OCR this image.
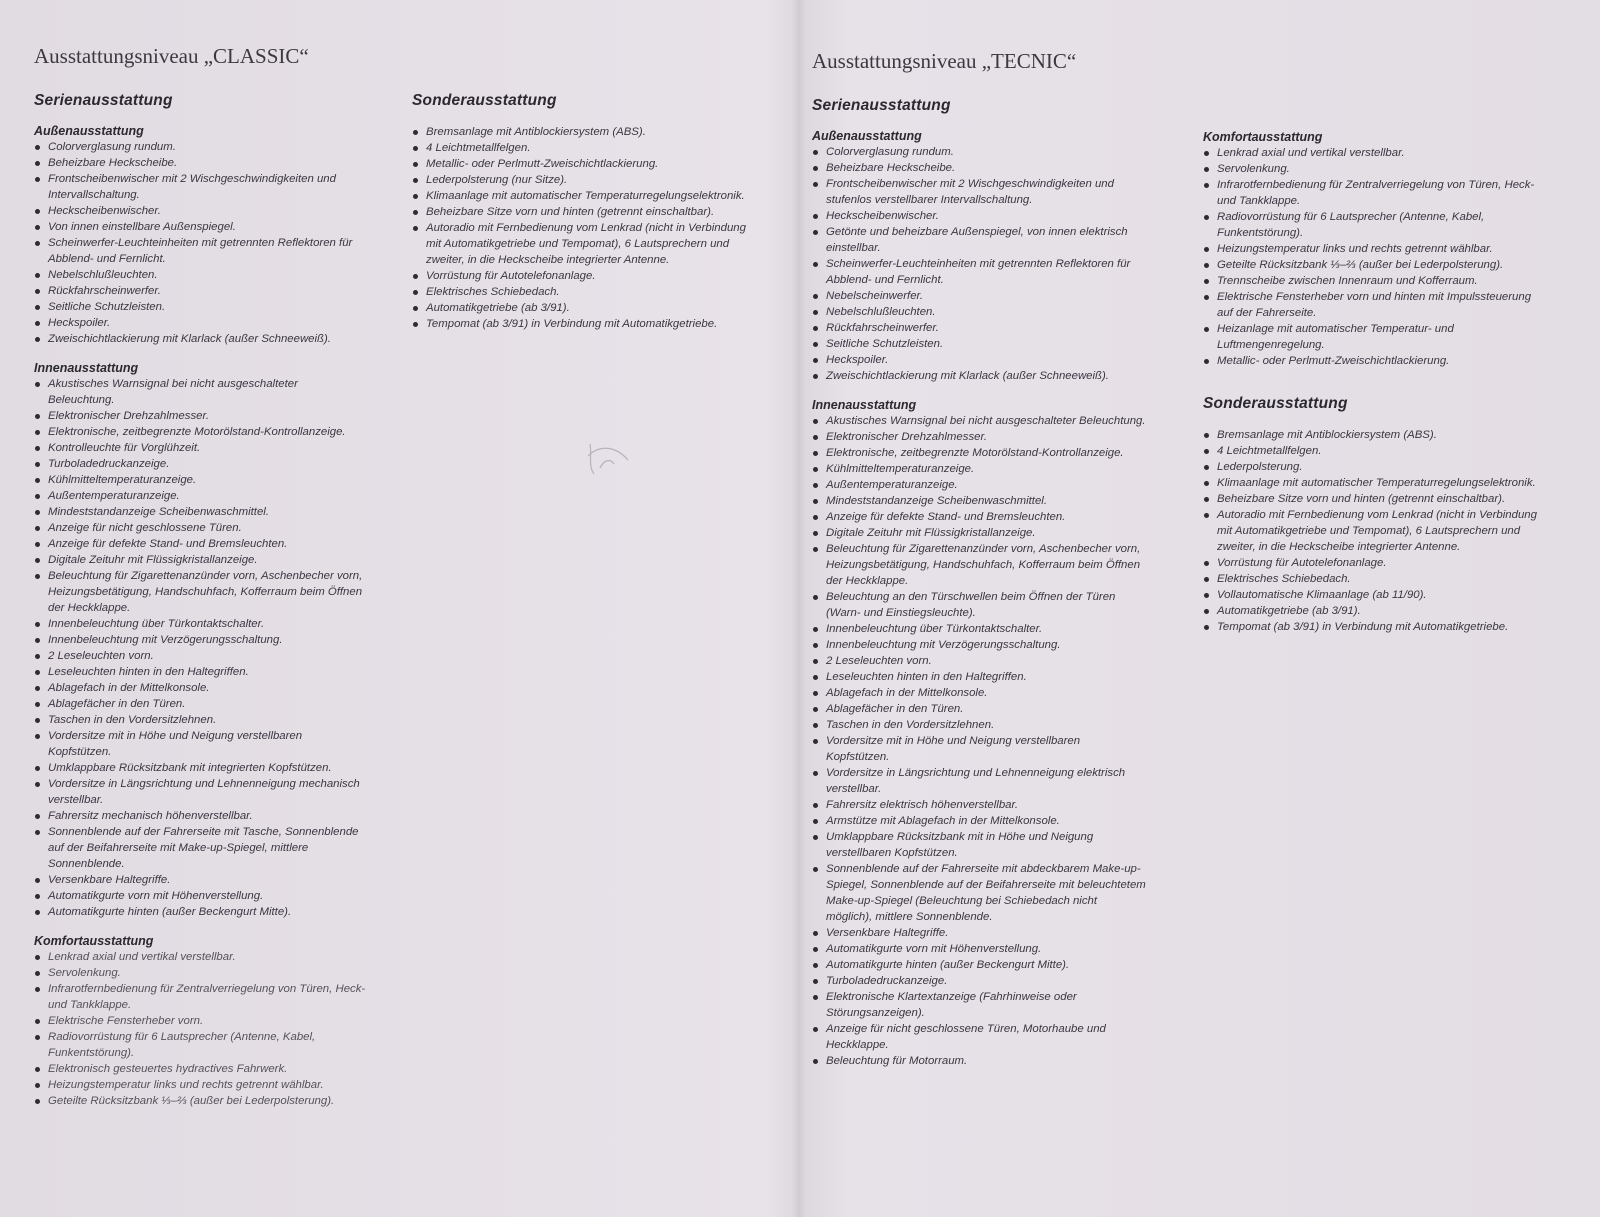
Ausstattungsniveau „CLASSIC“
Serienausstattung
Außenausstattung
Colorverglasung rundum.
Beheizbare Heckscheibe.
Frontscheibenwischer mit 2 Wischgeschwindigkeiten und Intervallschaltung.
Heckscheibenwischer.
Von innen einstellbare Außenspiegel.
Scheinwerfer-Leuchteinheiten mit getrennten Reflektoren für Abblend- und Fernlicht.
Nebelschlußleuchten.
Rückfahrscheinwerfer.
Seitliche Schutzleisten.
Heckspoiler.
Zweischichtlackierung mit Klarlack (außer Schneeweiß).
Innenausstattung
Akustisches Warnsignal bei nicht ausgeschalteter Beleuchtung.
Elektronischer Drehzahlmesser.
Elektronische, zeitbegrenzte Motorölstand-Kontrollanzeige.
Kontrolleuchte für Vorglühzeit.
Turboladedruckanzeige.
Kühlmitteltemperaturanzeige.
Außentemperaturanzeige.
Mindeststandanzeige Scheibenwaschmittel.
Anzeige für nicht geschlossene Türen.
Anzeige für defekte Stand- und Bremsleuchten.
Digitale Zeituhr mit Flüssigkristallanzeige.
Beleuchtung für Zigarettenanzünder vorn, Aschenbecher vorn, Heizungsbetätigung, Handschuhfach, Kofferraum beim Öffnen der Heckklappe.
Innenbeleuchtung über Türkontaktschalter.
Innenbeleuchtung mit Verzögerungsschaltung.
2 Leseleuchten vorn.
Leseleuchten hinten in den Haltegriffen.
Ablagefach in der Mittelkonsole.
Ablagefächer in den Türen.
Taschen in den Vordersitzlehnen.
Vordersitze mit in Höhe und Neigung verstellbaren Kopfstützen.
Umklappbare Rücksitzbank mit integrierten Kopfstützen.
Vordersitze in Längsrichtung und Lehnenneigung mechanisch verstellbar.
Fahrersitz mechanisch höhenverstellbar.
Sonnenblende auf der Fahrerseite mit Tasche, Sonnenblende auf der Beifahrerseite mit Make-up-Spiegel, mittlere Sonnenblende.
Versenkbare Haltegriffe.
Automatikgurte vorn mit Höhenverstellung.
Automatikgurte hinten (außer Beckengurt Mitte).
Komfortausstattung
Lenkrad axial und vertikal verstellbar.
Servolenkung.
Infrarotfernbedienung für Zentralverriegelung von Türen, Heck- und Tankklappe.
Elektrische Fensterheber vorn.
Radiovorrüstung für 6 Lautsprecher (Antenne, Kabel, Funkentstörung).
Elektronisch gesteuertes hydractives Fahrwerk.
Heizungstemperatur links und rechts getrennt wählbar.
Geteilte Rücksitzbank ⅓–⅔ (außer bei Lederpolsterung).
Sonderausstattung
Bremsanlage mit Antiblockiersystem (ABS).
4 Leichtmetallfelgen.
Metallic- oder Perlmutt-Zweischichtlackierung.
Lederpolsterung (nur Sitze).
Klimaanlage mit automatischer Temperaturregelungselektronik.
Beheizbare Sitze vorn und hinten (getrennt einschaltbar).
Autoradio mit Fernbedienung vom Lenkrad (nicht in Verbindung mit Automatikgetriebe und Tempomat), 6 Lautsprechern und zweiter, in die Heckscheibe integrierter Antenne.
Vorrüstung für Autotelefonanlage.
Elektrisches Schiebedach.
Automatikgetriebe (ab 3/91).
Tempomat (ab 3/91) in Verbindung mit Automatikgetriebe.
Ausstattungsniveau „TECNIC“
Serienausstattung
Außenausstattung
Colorverglasung rundum.
Beheizbare Heckscheibe.
Frontscheibenwischer mit 2 Wischgeschwindigkeiten und stufenlos verstellbarer Intervallschaltung.
Heckscheibenwischer.
Getönte und beheizbare Außenspiegel, von innen elektrisch einstellbar.
Scheinwerfer-Leuchteinheiten mit getrennten Reflektoren für Abblend- und Fernlicht.
Nebelscheinwerfer.
Nebelschlußleuchten.
Rückfahrscheinwerfer.
Seitliche Schutzleisten.
Heckspoiler.
Zweischichtlackierung mit Klarlack (außer Schneeweiß).
Innenausstattung
Akustisches Warnsignal bei nicht ausgeschalteter Beleuchtung.
Elektronischer Drehzahlmesser.
Elektronische, zeitbegrenzte Motorölstand-Kontrollanzeige.
Kühlmitteltemperaturanzeige.
Außentemperaturanzeige.
Mindeststandanzeige Scheibenwaschmittel.
Anzeige für defekte Stand- und Bremsleuchten.
Digitale Zeituhr mit Flüssigkristallanzeige.
Beleuchtung für Zigarettenanzünder vorn, Aschenbecher vorn, Heizungsbetätigung, Handschuhfach, Kofferraum beim Öffnen der Heckklappe.
Beleuchtung an den Türschwellen beim Öffnen der Türen (Warn- und Einstiegsleuchte).
Innenbeleuchtung über Türkontaktschalter.
Innenbeleuchtung mit Verzögerungsschaltung.
2 Leseleuchten vorn.
Leseleuchten hinten in den Haltegriffen.
Ablagefach in der Mittelkonsole.
Ablagefächer in den Türen.
Taschen in den Vordersitzlehnen.
Vordersitze mit in Höhe und Neigung verstellbaren Kopfstützen.
Vordersitze in Längsrichtung und Lehnenneigung elektrisch verstellbar.
Fahrersitz elektrisch höhenverstellbar.
Armstütze mit Ablagefach in der Mittelkonsole.
Umklappbare Rücksitzbank mit in Höhe und Neigung verstellbaren Kopfstützen.
Sonnenblende auf der Fahrerseite mit abdeckbarem Make-up-Spiegel, Sonnenblende auf der Beifahrerseite mit beleuchtetem Make-up-Spiegel (Beleuchtung bei Schiebedach nicht möglich), mittlere Sonnenblende.
Versenkbare Haltegriffe.
Automatikgurte vorn mit Höhenverstellung.
Automatikgurte hinten (außer Beckengurt Mitte).
Turboladedruckanzeige.
Elektronische Klartextanzeige (Fahrhinweise oder Störungsanzeigen).
Anzeige für nicht geschlossene Türen, Motorhaube und Heckklappe.
Beleuchtung für Motorraum.
Komfortausstattung
Lenkrad axial und vertikal verstellbar.
Servolenkung.
Infrarotfernbedienung für Zentralverriegelung von Türen, Heck- und Tankklappe.
Radiovorrüstung für 6 Lautsprecher (Antenne, Kabel, Funkentstörung).
Heizungstemperatur links und rechts getrennt wählbar.
Geteilte Rücksitzbank ⅓–⅔ (außer bei Lederpolsterung).
Trennscheibe zwischen Innenraum und Kofferraum.
Elektrische Fensterheber vorn und hinten mit Impulssteuerung auf der Fahrerseite.
Heizanlage mit automatischer Temperatur- und Luftmengenregelung.
Metallic- oder Perlmutt-Zweischichtlackierung.
Sonderausstattung
Bremsanlage mit Antiblockiersystem (ABS).
4 Leichtmetallfelgen.
Lederpolsterung.
Klimaanlage mit automatischer Temperaturregelungselektronik.
Beheizbare Sitze vorn und hinten (getrennt einschaltbar).
Autoradio mit Fernbedienung vom Lenkrad (nicht in Verbindung mit Automatikgetriebe und Tempomat), 6 Lautsprechern und zweiter, in die Heckscheibe integrierter Antenne.
Vorrüstung für Autotelefonanlage.
Elektrisches Schiebedach.
Vollautomatische Klimaanlage (ab 11/90).
Automatikgetriebe (ab 3/91).
Tempomat (ab 3/91) in Verbindung mit Automatikgetriebe.
